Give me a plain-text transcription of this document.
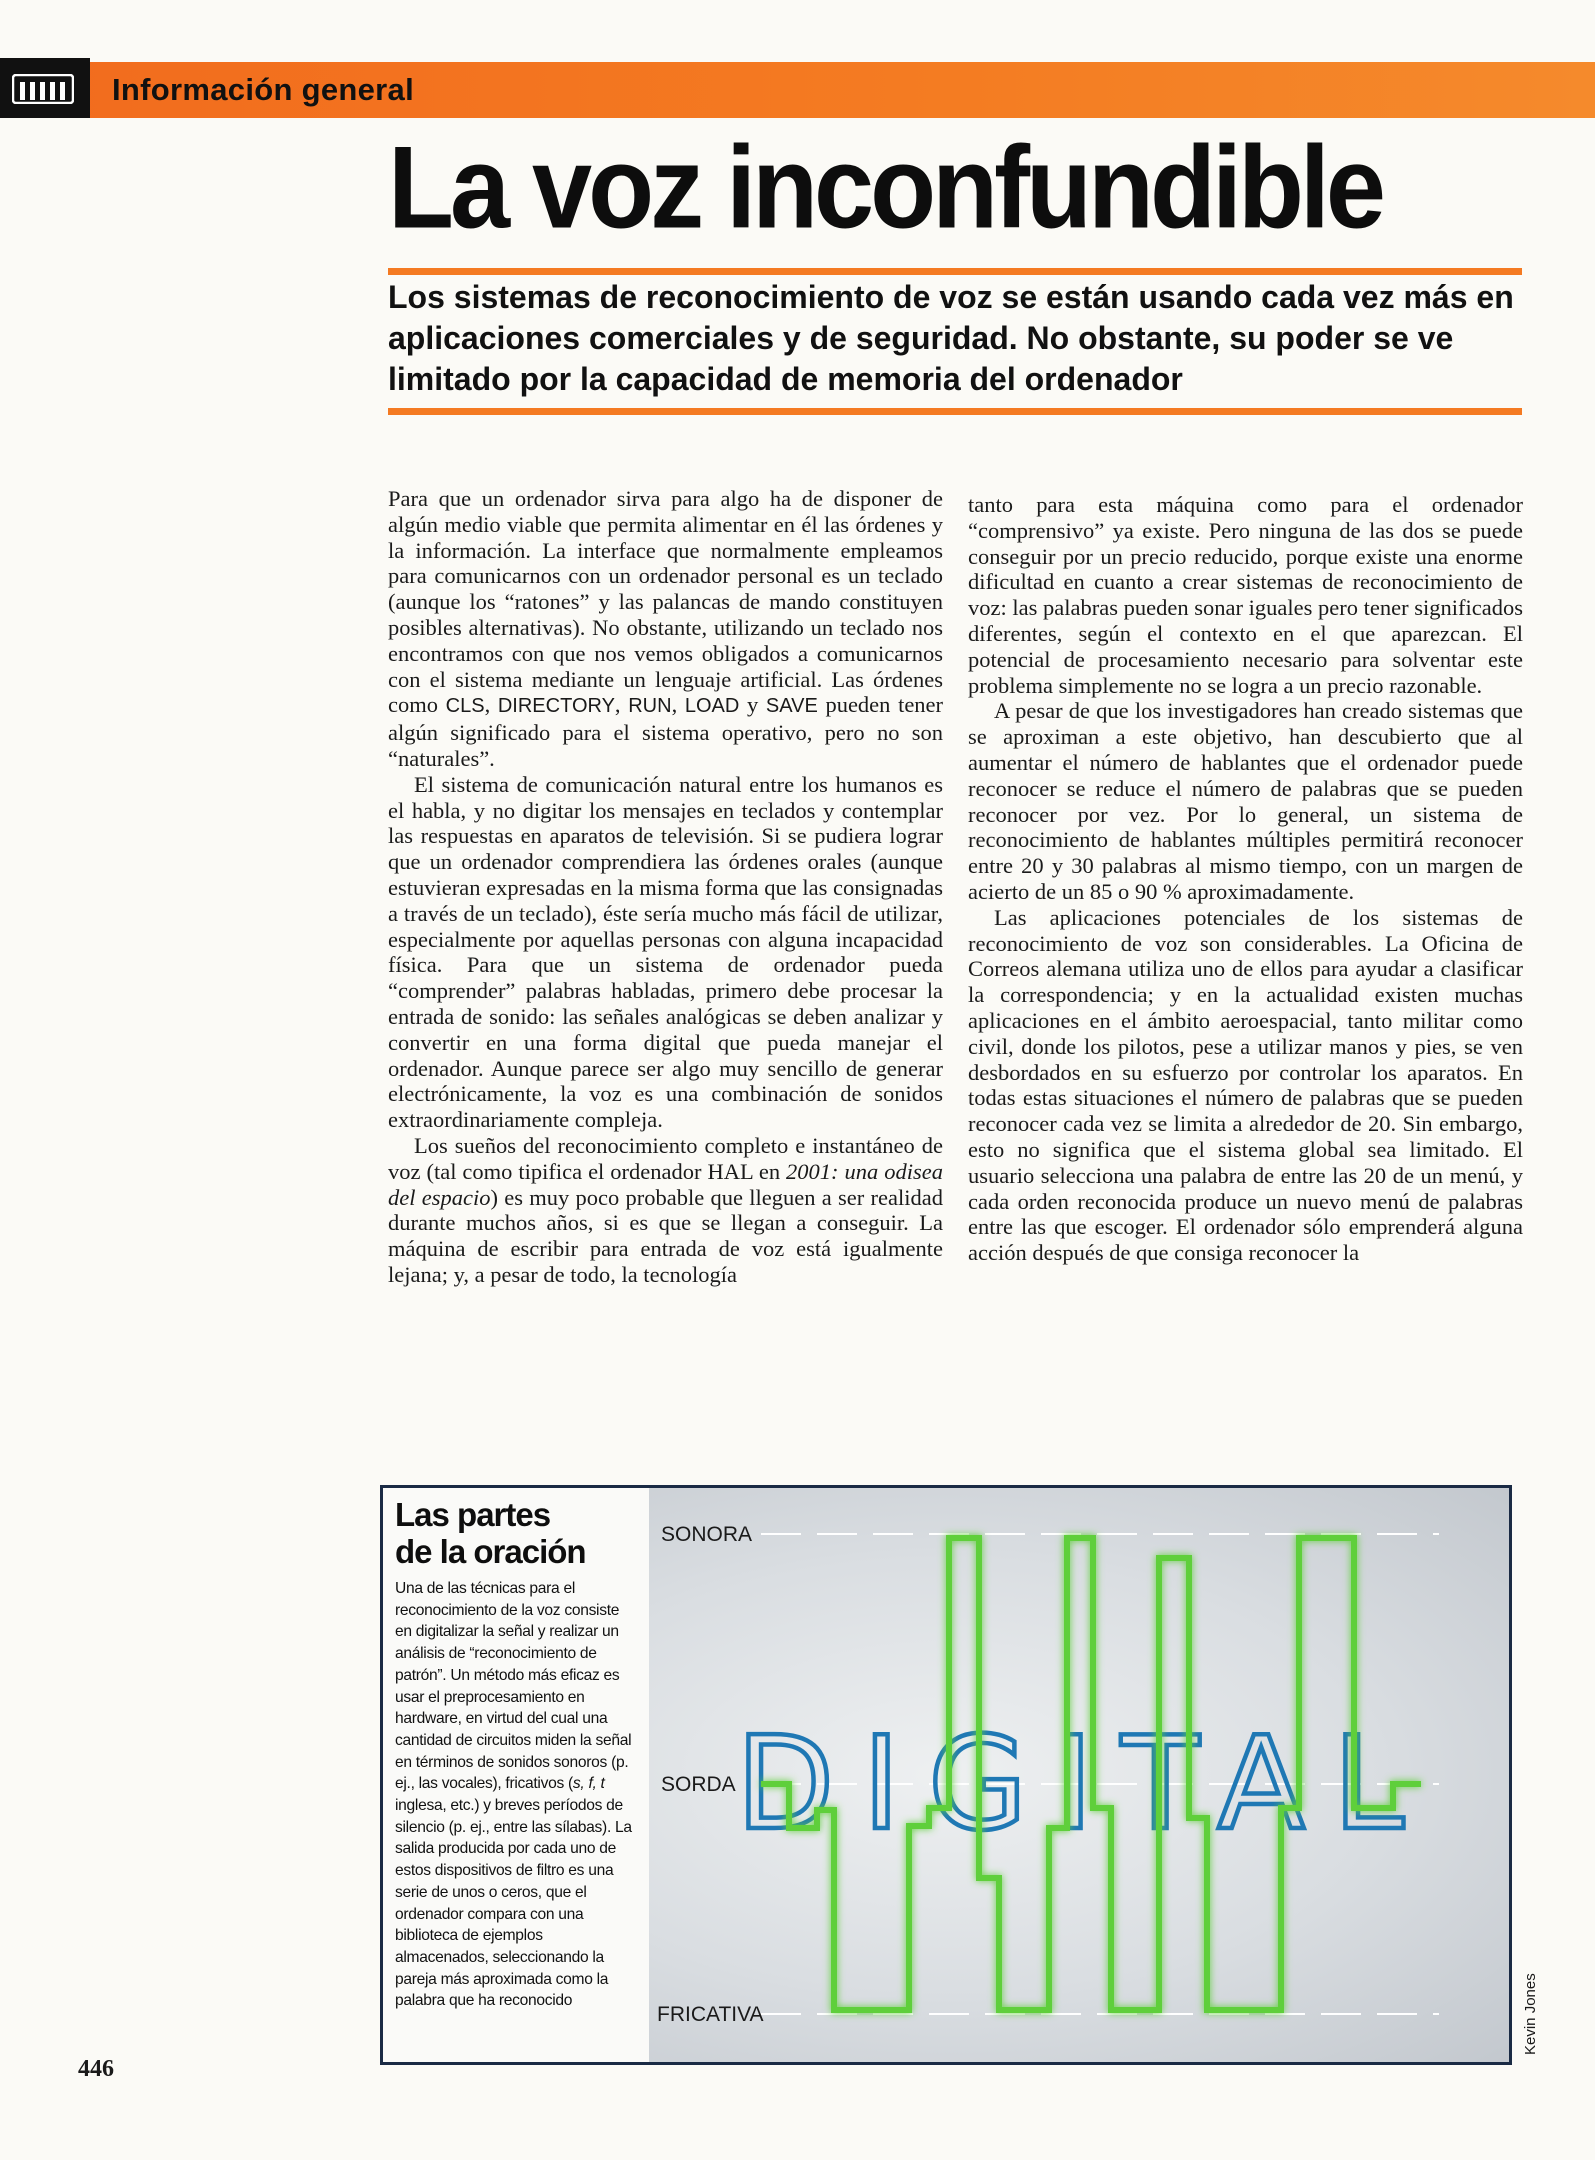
Información general
La voz inconfundible

Los sistemas de reconocimiento de voz se están usando cada vez más en aplicaciones comerciales y de seguridad. No obstante, su poder se ve limitado por la capacidad de memoria del ordenador

Para que un ordenador sirva para algo ha de disponer de algún medio viable que permita alimentar en él las órdenes y la información. La interface que normalmente empleamos para comunicarnos con un ordenador personal es un teclado (aunque los “ratones” y las palancas de mando constituyen posibles alternativas). No obstante, utilizando un teclado nos encontramos con que nos vemos obligados a comunicarnos con el sistema mediante un lenguaje artificial. Las órdenes como CLS, DIRECTORY, RUN, LOAD y SAVE pueden tener algún significado para el sistema operativo, pero no son “naturales”.

El sistema de comunicación natural entre los humanos es el habla, y no digitar los mensajes en teclados y contemplar las respuestas en aparatos de televisión. Si se pudiera lograr que un ordenador comprendiera las órdenes orales (aunque estuvieran expresadas en la misma forma que las consignadas a través de un teclado), éste sería mucho más fácil de utilizar, especialmente por aquellas personas con alguna incapacidad física. Para que un sistema de ordenador pueda “comprender” palabras habladas, primero debe procesar la entrada de sonido: las señales analógicas se deben analizar y convertir en una forma digital que pueda manejar el ordenador. Aunque parece ser algo muy sencillo de generar electrónicamente, la voz es una combinación de sonidos extraordinariamente compleja.

Los sueños del reconocimiento completo e instantáneo de voz (tal como tipifica el ordenador HAL en 2001: una odisea del espacio) es muy poco probable que lleguen a ser realidad durante muchos años, si es que se llegan a conseguir. La máquina de escribir para entrada de voz está igualmente lejana; y, a pesar de todo, la tecnología

tanto para esta máquina como para el ordenador “comprensivo” ya existe. Pero ninguna de las dos se puede conseguir por un precio reducido, porque existe una enorme dificultad en cuanto a crear sistemas de reconocimiento de voz: las palabras pueden sonar iguales pero tener significados diferentes, según el contexto en el que aparezcan. El potencial de procesamiento necesario para solventar este problema simplemente no se logra a un precio razonable.

A pesar de que los investigadores han creado sistemas que se aproximan a este objetivo, han descubierto que al aumentar el número de hablantes que el ordenador puede reconocer se reduce el número de palabras que se pueden reconocer por vez. Por lo general, un sistema de reconocimiento de hablantes múltiples permitirá reconocer entre 20 y 30 palabras al mismo tiempo, con un margen de acierto de un 85 o 90 % aproximadamente.

Las aplicaciones potenciales de los sistemas de reconocimiento de voz son considerables. La Oficina de Correos alemana utiliza uno de ellos para ayudar a clasificar la correspondencia; y en la actualidad existen muchas aplicaciones en el ámbito aeroespacial, tanto militar como civil, donde los pilotos, pese a utilizar manos y pies, se ven desbordados en su esfuerzo por controlar los aparatos. En todas estas situaciones el número de palabras que se pueden reconocer cada vez se limita a alrededor de 20. Sin embargo, esto no significa que el sistema global sea limitado. El usuario selecciona una palabra de entre las 20 de un menú, y cada orden reconocida produce un nuevo menú de palabras entre las que escoger. El ordenador sólo emprenderá alguna acción después de que consiga reconocer la

Las partes
de la oración

Una de las técnicas para el reconocimiento de la voz consiste en digitalizar la señal y realizar un análisis de “reconocimiento de patrón”. Un método más eficaz es usar el preprocesamiento en hardware, en virtud del cual una cantidad de circuitos miden la señal en términos de sonidos sonoros (p. ej., las vocales), fricativos (s, f, t inglesa, etc.) y breves períodos de silencio (p. ej., entre las sílabas). La salida producida por cada uno de estos dispositivos de filtro es una serie de unos o ceros, que el ordenador compara con una biblioteca de ejemplos almacenados, seleccionando la pareja más aproximada como la palabra que ha reconocido

SONORA
SORDA
FRICATIVA
DIGITAL
Kevin Jones
446
